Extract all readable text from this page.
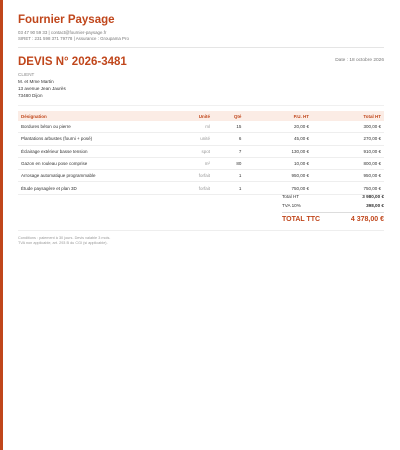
Fournier Paysage
03 47 90 59 33 | contact@fournier-paysage.fr
SIRET : 231 598 371 79778 | Assurance : Groupama Pro
DEVIS N° 2026-3481	Date : 18 octobre 2026
CLIENT
M. et Mme Martin
13 avenue Jean Jaurès
73480 Dijon
Désignation	Unité	Qté	P.U. HT	Total HT
Bordures béton ou pierre	ml	15	20,00 €	300,00 €
Plantations arbustes (fourni + posé)	unité	6	45,00 €	270,00 €
Éclairage extérieur basse tension	spot	7	130,00 €	910,00 €
Gazon en rouleau pose comprise	m²	80	10,00 €	800,00 €
Arrosage automatique programmable	forfait	1	950,00 €	950,00 €
Étude paysagère et plan 3D	forfait	1	750,00 €	750,00 €
Total HT	3 980,00 €
TVA 10%	398,00 €
TOTAL TTC	4 378,00 €
Conditions : paiement à 30 jours. Devis valable 3 mois.
TVA non applicable, art. 293 B du CGI (si applicable).
